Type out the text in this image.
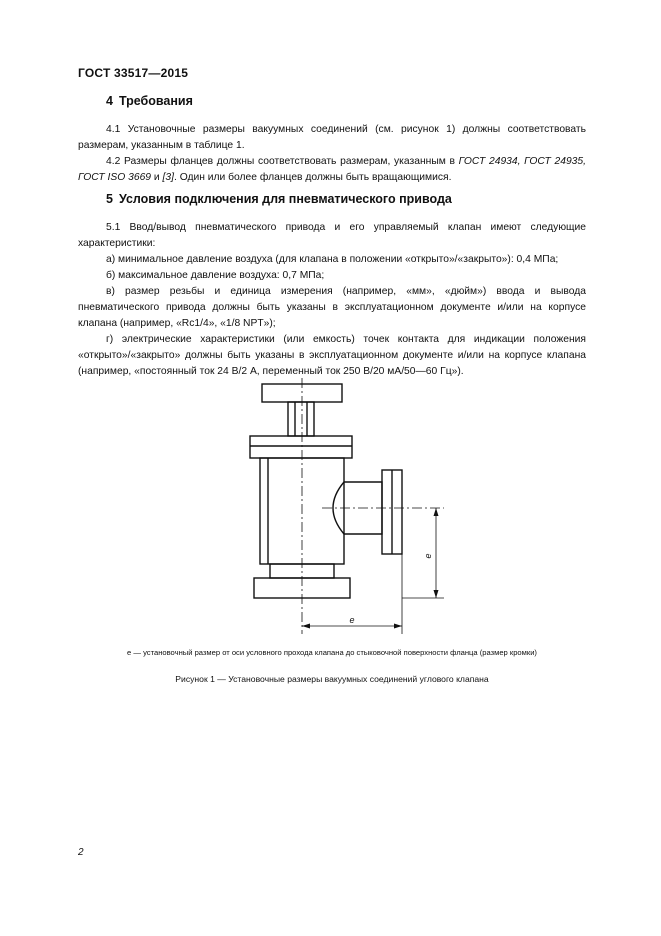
ГОСТ 33517—2015
4 Требования
4.1 Установочные размеры вакуумных соединений (см. рисунок 1) должны соответствовать размерам, указанным в таблице 1.
4.2 Размеры фланцев должны соответствовать размерам, указанным в ГОСТ 24934, ГОСТ 24935, ГОСТ ISO 3669 и [3]. Один или более фланцев должны быть вращающимися.
5 Условия подключения для пневматического привода
5.1 Ввод/вывод пневматического привода и его управляемый клапан имеют следующие характеристики:
а) минимальное давление воздуха (для клапана в положении «открыто»/«закрыто»): 0,4 МПа;
б) максимальное давление воздуха: 0,7 МПа;
в) размер резьбы и единица измерения (например, «мм», «дюйм») ввода и вывода пневматического привода должны быть указаны в эксплуатационном документе и/или на корпусе клапана (например, «Rc1/4», «1/8 NPT»);
г) электрические характеристики (или емкость) точек контакта для индикации положения «открыто»/«закрыто» должны быть указаны в эксплуатационном документе и/или на корпусе клапана (например, «постоянный ток 24 В/2 А, переменный ток 250 В/20 мА/50—60 Гц»).
e
e
e — установочный размер от оси условного прохода клапана до стыковочной поверхности фланца (размер кромки)
Рисунок 1 — Установочные размеры вакуумных соединений углового клапана
2
